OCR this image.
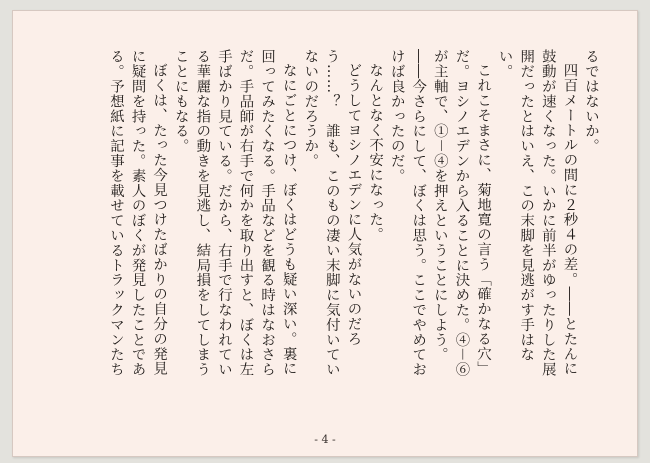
るではないか。

四百メートルの間に２秒４の差。――とたんに鼓動が速くなった。いかに前半がゆったりした展開だったとはいえ、この末脚を見逃がす手はない。

これこそまさに、菊地寛の言う「確かなる穴」だ。ヨシノエデンから入ることに決めた。④－⑥が主軸で、①－④を押えということにしよう。――今さらにして、ぼくは思う。ここでやめておけば良かったのだ。

なんとなく不安になった。

どうしてヨシノエデンに人気がないのだろう……？　誰も、このもの凄い末脚に気付いていないのだろうか。

なにごとにつけ、ぼくはどうも疑い深い。裏に回ってみたくなる。手品などを観る時はなおさらだ。手品師が右手で何かを取り出すと、ぼくは左手ばかり見ている。だから、右手で行なわれている華麗な指の動きを見逃し、結局損をしてしまうことにもなる。

ぼくは、たった今見つけたばかりの自分の発見に疑問を持った。素人のぼくが発見したことである。予想紙に記事を載せているトラックマンたち

- 4 -
